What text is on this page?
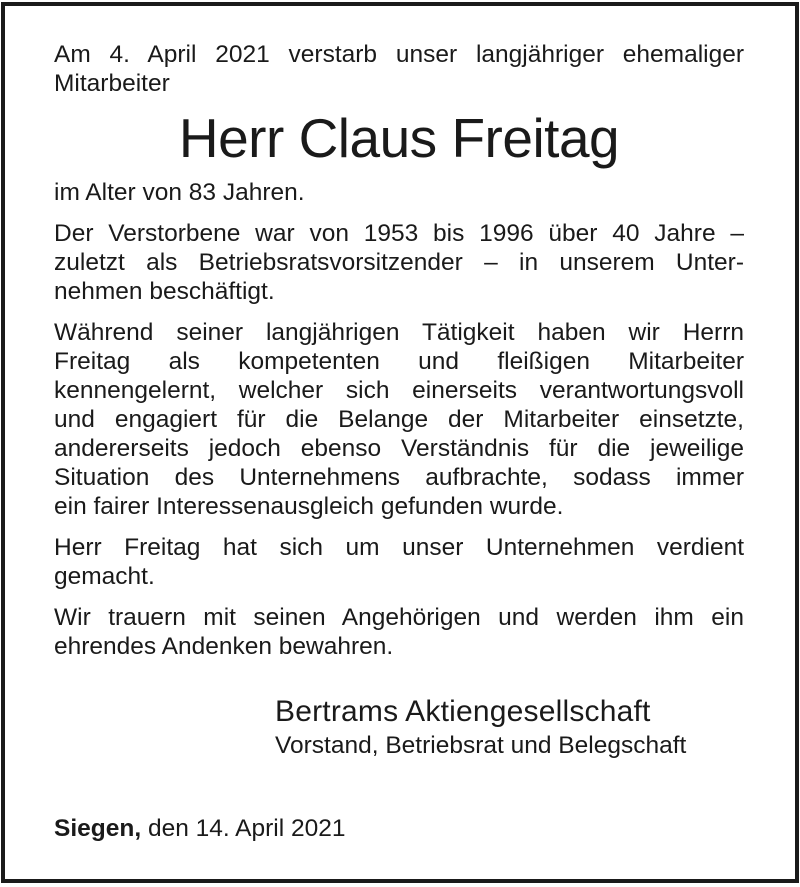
Am 4. April 2021 verstarb unser langjähriger ehemaliger
Mitarbeiter
Herr Claus Freitag
im Alter von 83 Jahren.
Der Verstorbene war von 1953 bis 1996 über 40 Jahre –
zuletzt als Betriebsratsvorsitzender – in unserem Unter-
nehmen beschäftigt.
Während seiner langjährigen Tätigkeit haben wir Herrn
Freitag als kompetenten und fleißigen Mitarbeiter
kennengelernt, welcher sich einerseits verantwortungsvoll
und engagiert für die Belange der Mitarbeiter einsetzte,
andererseits jedoch ebenso Verständnis für die jeweilige
Situation des Unternehmens aufbrachte, sodass immer
ein fairer Interessenausgleich gefunden wurde.
Herr Freitag hat sich um unser Unternehmen verdient
gemacht.
Wir trauern mit seinen Angehörigen und werden ihm ein
ehrendes Andenken bewahren.
Bertrams Aktiengesellschaft
Vorstand, Betriebsrat und Belegschaft
Siegen, den 14. April 2021
